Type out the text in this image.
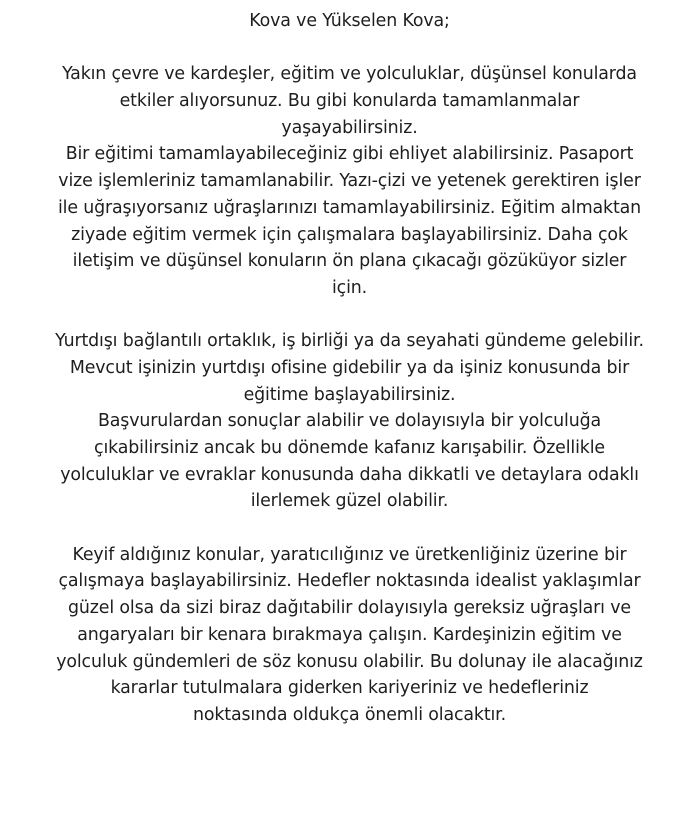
Kova ve Yükselen Kova;
Yakın çevre ve kardeşler, eğitim ve yolculuklar, düşünsel konularda
etkiler alıyorsunuz. Bu gibi konularda tamamlanmalar
yaşayabilirsiniz.
Bir eğitimi tamamlayabileceğiniz gibi ehliyet alabilirsiniz. Pasaport
vize işlemleriniz tamamlanabilir. Yazı-çizi ve yetenek gerektiren işler
ile uğraşıyorsanız uğraşlarınızı tamamlayabilirsiniz. Eğitim almaktan
ziyade eğitim vermek için çalışmalara başlayabilirsiniz. Daha çok
iletişim ve düşünsel konuların ön plana çıkacağı gözüküyor sizler
için.
Yurtdışı bağlantılı ortaklık, iş birliği ya da seyahati gündeme gelebilir.
Mevcut işinizin yurtdışı ofisine gidebilir ya da işiniz konusunda bir
eğitime başlayabilirsiniz.
Başvurulardan sonuçlar alabilir ve dolayısıyla bir yolculuğa
çıkabilirsiniz ancak bu dönemde kafanız karışabilir. Özellikle
yolculuklar ve evraklar konusunda daha dikkatli ve detaylara odaklı
ilerlemek güzel olabilir.
Keyif aldığınız konular, yaratıcılığınız ve üretkenliğiniz üzerine bir
çalışmaya başlayabilirsiniz. Hedefler noktasında idealist yaklaşımlar
güzel olsa da sizi biraz dağıtabilir dolayısıyla gereksiz uğraşları ve
angaryaları bir kenara bırakmaya çalışın. Kardeşinizin eğitim ve
yolculuk gündemleri de söz konusu olabilir. Bu dolunay ile alacağınız
kararlar tutulmalara giderken kariyeriniz ve hedefleriniz
noktasında oldukça önemli olacaktır.
